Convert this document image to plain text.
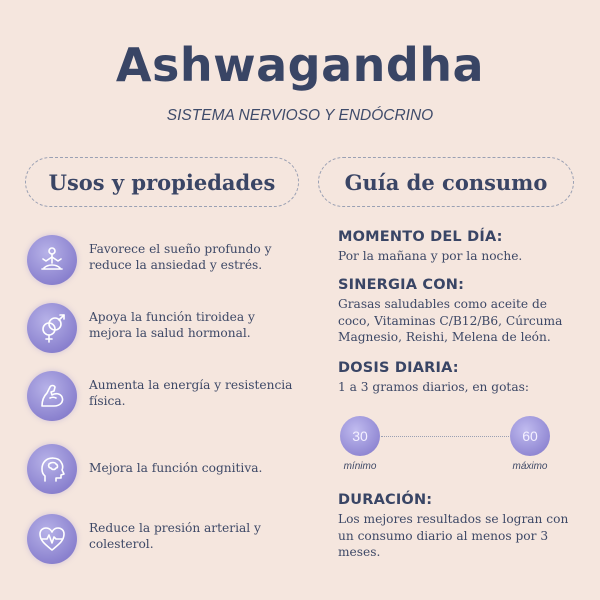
Ashwagandha
SISTEMA NERVIOSO Y ENDÓCRINO
Usos y propiedades	Guía de consumo
Favorece el sueño profundo y reduce la ansiedad y estrés.
Apoya la función tiroidea y mejora la salud hormonal.
Aumenta la energía y resistencia física.
Mejora la función cognitiva.
Reduce la presión arterial y colesterol.
MOMENTO DEL DÍA:
Por la mañana y por la noche.
SINERGIA CON:
Grasas saludables como aceite de coco, Vitaminas C/B12/B6, Cúrcuma Magnesio, Reishi, Melena de león.
DOSIS DIARIA:
1 a 3 gramos diarios, en gotas:
30	60
mínimo	máximo
DURACIÓN:
Los mejores resultados se logran con un consumo diario al menos por 3 meses.
